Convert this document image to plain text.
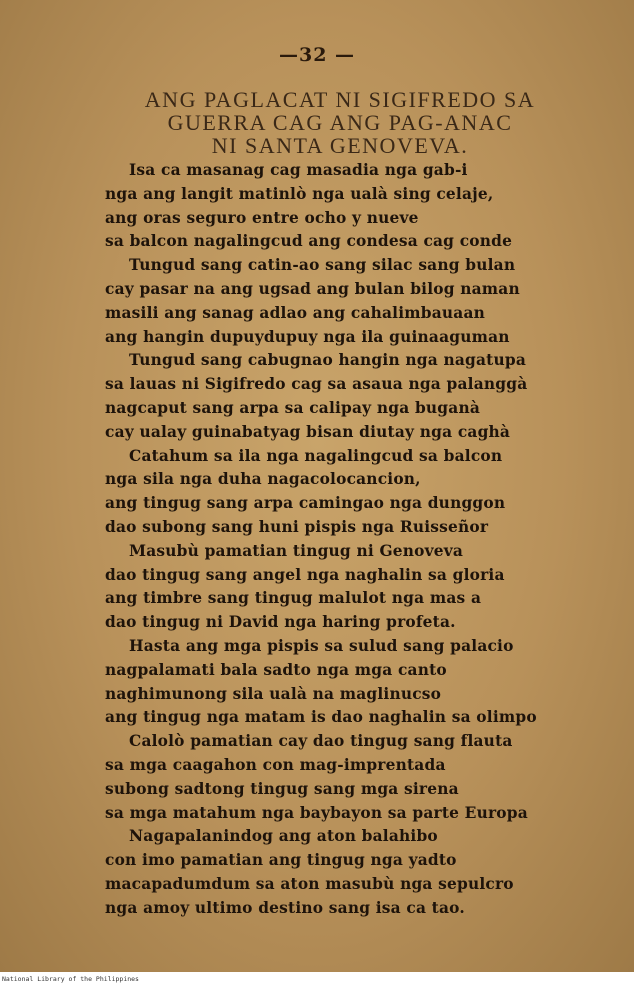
—32 —
ANG PAGLACAT NI SIGIFREDO SA
GUERRA CAG ANG PAG-ANAC
NI SANTA GENOVEVA.
Isa ca masanag cag masadia nga gab-i
nga ang langit matinlò nga ualà sing celaje,
ang oras seguro entre ocho y nueve
sa balcon nagalingcud ang condesa cag conde
Tungud sang catin-ao sang silac sang bulan
cay pasar na ang ugsad ang bulan bilog naman
masili ang sanag adlao ang cahalimbauaan
ang hangin dupuydupuy nga ila guinaaguman
Tungud sang cabugnao hangin nga nagatupa
sa lauas ni Sigifredo cag sa asaua nga palanggà
nagcaput sang arpa sa calipay nga buganà
cay ualay guinabatyag bisan diutay nga caghà
Catahum sa ila nga nagalingcud sa balcon
nga sila nga duha nagacolocancion,
ang tingug sang arpa camingao nga dunggon
dao subong sang huni pispis nga Ruisseñor
Masubù pamatian tingug ni Genoveva
dao tingug sang angel nga naghalin sa gloria
ang timbre sang tingug malulot nga mas a
dao tingug ni David nga haring profeta.
Hasta ang mga pispis sa sulud sang palacio
nagpalamati bala sadto nga mga canto
naghimunong sila ualà na maglinucso
ang tingug nga matam is dao naghalin sa olimpo
Calolò pamatian cay dao tingug sang flauta
sa mga caagahon con mag-imprentada
subong sadtong tingug sang mga sirena
sa mga matahum nga baybayon sa parte Europa
Nagapalanindog ang aton balahibo
con imo pamatian ang tingug nga yadto
macapadumdum sa aton masubù nga sepulcro
nga amoy ultimo destino sang isa ca tao.
National Library of the Philippines
